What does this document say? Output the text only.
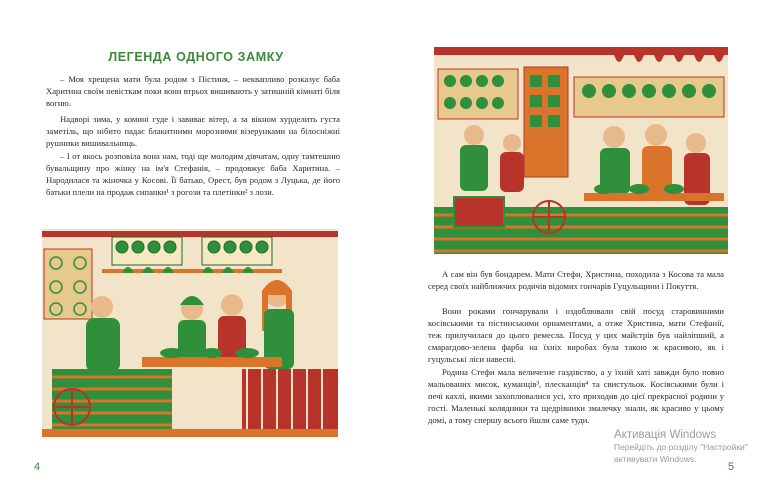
ЛЕГЕНДА ОДНОГО ЗАМКУ

– Моя хрещена мати була родом з Пістиня, – неквапливо розказує баба Харитина своїм невісткам поки вони втрьох вишивають у затишній кімнаті біля вогню.

Надворі зима, у комині гуде і завиває вітер, а за вікном хурделить густа заметіль, що нібито падає блакитними морозними візерунками на білосніжні рушники вишивальниць.

– І от якось розповіла вона нам, тоді ще молодим дівчатам, одну тамтешню бувальщину про жінку на ім'я Стефанія, – продовжує баба Харитина. – Народилася та жіночка у Косові. Її батько, Орест, був родом з Луцька, де його батьки плели на продаж сипанки¹ з рогози та плетінки² з лози.

4

А сам він був бондарем. Мати Стефи, Христина, походила з Косова та мала серед своїх найближчих родичів відомих гончарів Гуцульщини і Покуття.

Вони роками гончарували і оздоблювали свій посуд старовинними косівськими та пістинськими орнаментами, а отже Христина, мати Стефанії, теж прилучилася до цього ремесла. Посуд у цих майстрів був найліпший, а смарагдово-зелена фарба на їхніх виробах була такою ж красивою, як і гуцульські ліси навесні.

Родина Стефи мала величезне газдівство, а у їхній хаті завжди було повно мальованих мисок, куманців³, плесканців⁴ та свистульок. Косівськими були і печі кахлі, якими захоплювалися усі, хто приходив до цієї прекрасної родини у гості. Маленькі колядники та щедрівники змалечку знали, як красиво у цьому домі, а тому спершу всього йшли саме туди.

5
Активація Windows
Перейдіть до розділу "Настройки"
активувати Windows.
